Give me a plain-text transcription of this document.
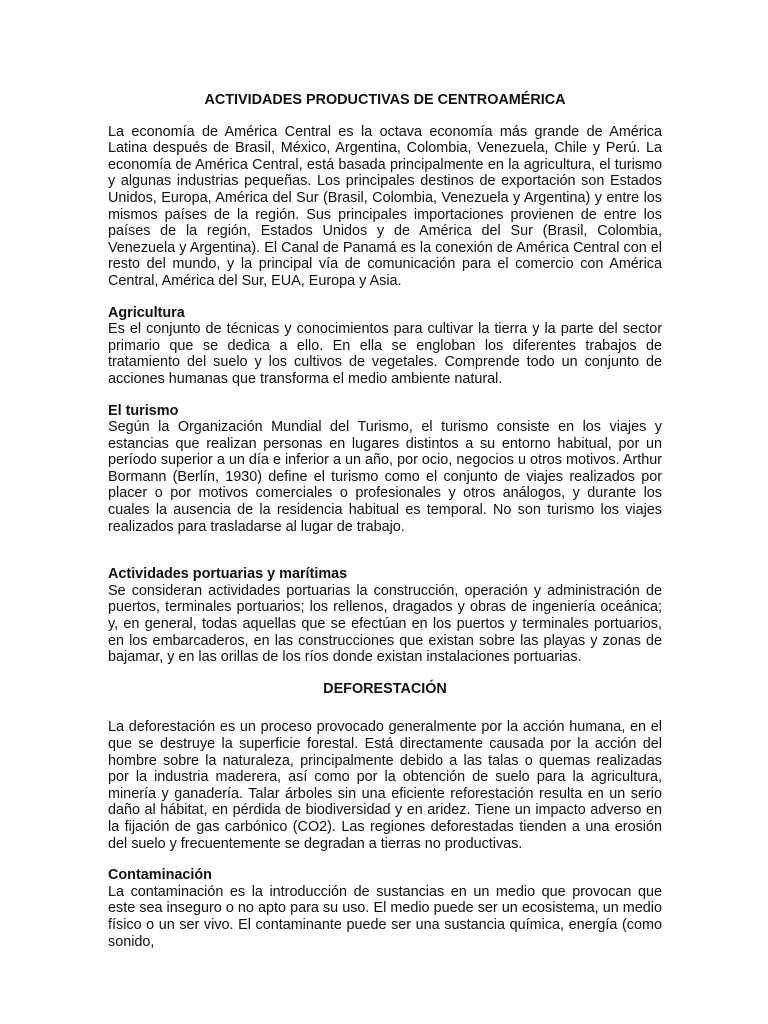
ACTIVIDADES PRODUCTIVAS DE CENTROAMÉRICA

La economía de América Central es la octava economía más grande de América Latina después de Brasil, México, Argentina, Colombia, Venezuela, Chile y Perú. La economía de América Central, está basada principalmente en la agricultura, el turismo y algunas industrias pequeñas. Los principales destinos de exportación son Estados Unidos, Europa, América del Sur (Brasil, Colombia, Venezuela y Argentina) y entre los mismos países de la región. Sus principales importaciones provienen de entre los países de la región, Estados Unidos y de América del Sur (Brasil, Colombia, Venezuela y Argentina). El Canal de Panamá es la conexión de América Central con el resto del mundo, y la principal vía de comunicación para el comercio con América Central, América del Sur, EUA, Europa y Asia.

Agricultura

Es el conjunto de técnicas y conocimientos para cultivar la tierra y la parte del sector primario que se dedica a ello. En ella se engloban los diferentes trabajos de tratamiento del suelo y los cultivos de vegetales. Comprende todo un conjunto de acciones humanas que transforma el medio ambiente natural.

El turismo

Según la Organización Mundial del Turismo, el turismo consiste en los viajes y estancias que realizan personas en lugares distintos a su entorno habitual, por un período superior a un día e inferior a un año, por ocio, negocios u otros motivos. Arthur Bormann (Berlín, 1930) define el turismo como el conjunto de viajes realizados por placer o por motivos comerciales o profesionales y otros análogos, y durante los cuales la ausencia de la residencia habitual es temporal. No son turismo los viajes realizados para trasladarse al lugar de trabajo.

Actividades portuarias y marítimas

Se consideran actividades portuarias la construcción, operación y administración de puertos, terminales portuarios; los rellenos, dragados y obras de ingeniería oceánica; y, en general, todas aquellas que se efectúan en los puertos y terminales portuarios, en los embarcaderos, en las construcciones que existan sobre las playas y zonas de bajamar, y en las orillas de los ríos donde existan instalaciones portuarias.

DEFORESTACIÓN

La deforestación es un proceso provocado generalmente por la acción humana, en el que se destruye la superficie forestal. Está directamente causada por la acción del hombre sobre la naturaleza, principalmente debido a las talas o quemas realizadas por la industria maderera, así como por la obtención de suelo para la agricultura, minería y ganadería. Talar árboles sin una eficiente reforestación resulta en un serio daño al hábitat, en pérdida de biodiversidad y en aridez. Tiene un impacto adverso en la fijación de gas carbónico (CO2). Las regiones deforestadas tienden a una erosión del suelo y frecuentemente se degradan a tierras no productivas.

Contaminación

La contaminación es la introducción de sustancias en un medio que provocan que este sea inseguro o no apto para su uso. El medio puede ser un ecosistema, un medio físico o un ser vivo. El contaminante puede ser una sustancia química, energía (como sonido,
